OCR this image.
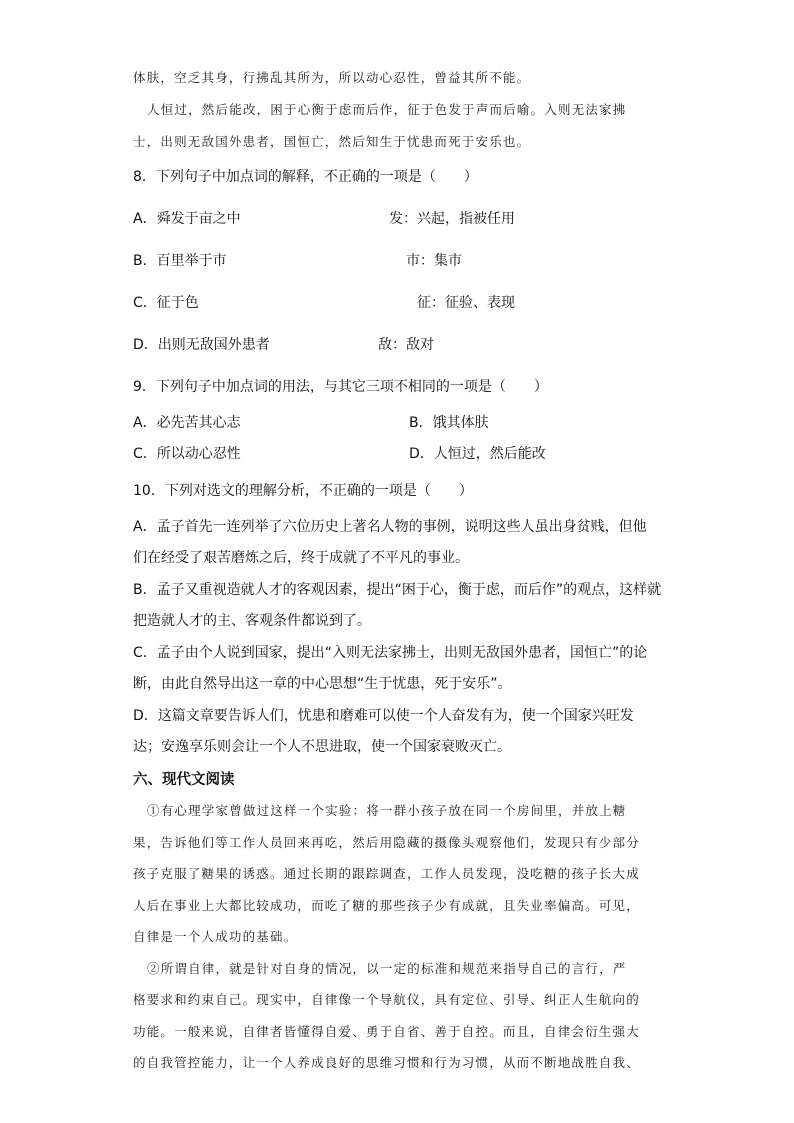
体肤，空乏其身，行拂乱其所为，所以动心忍性，曾益其所不能。
人恒过，然后能改，困于心衡于虑而后作，征于色发于声而后喻。入则无法家拂
士，出则无敌国外患者，国恒亡，然后知生于忧患而死于安乐也。
8．下列句子中加点词的解释，不正确的一项是（　　）
A．舜发于亩之中	发：兴起，指被任用
B．百里举于市	市：集市
C．征于色	征：征验、表现
D．出则无敌国外患者	敌：敌对
9．下列句子中加点词的用法，与其它三项不相同的一项是（　　）
A．必先苦其心志	B．饿其体肤
C．所以动心忍性	D．人恒过，然后能改
10．下列对选文的理解分析，不正确的一项是（　　）
A．孟子首先一连列举了六位历史上著名人物的事例，说明这些人虽出身贫贱，但他
们在经受了艰苦磨炼之后，终于成就了不平凡的事业。
B．孟子又重视造就人才的客观因素，提出“困于心，衡于虑，而后作”的观点，这样就
把造就人才的主、客观条件都说到了。
C．孟子由个人说到国家，提出“入则无法家拂士，出则无敌国外患者，国恒亡”的论
断，由此自然导出这一章的中心思想“生于忧患，死于安乐”。
D．这篇文章要告诉人们，忧患和磨难可以使一个人奋发有为，使一个国家兴旺发
达；安逸享乐则会让一个人不思进取，使一个国家衰败灭亡。
六、现代文阅读
①有心理学家曾做过这样一个实验：将一群小孩子放在同一个房间里，并放上糖
果，告诉他们等工作人员回来再吃，然后用隐藏的摄像头观察他们，发现只有少部分
孩子克服了糖果的诱惑。通过长期的跟踪调查，工作人员发现，没吃糖的孩子长大成
人后在事业上大都比较成功，而吃了糖的那些孩子少有成就，且失业率偏高。可见，
自律是一个人成功的基础。
②所谓自律，就是针对自身的情况，以一定的标准和规范来指导自己的言行，严
格要求和约束自己。现实中，自律像一个导航仪，具有定位、引导、纠正人生航向的
功能。一般来说，自律者皆懂得自爱、勇于自省、善于自控。而且，自律会衍生强大
的自我管控能力，让一个人养成良好的思维习惯和行为习惯，从而不断地战胜自我、
